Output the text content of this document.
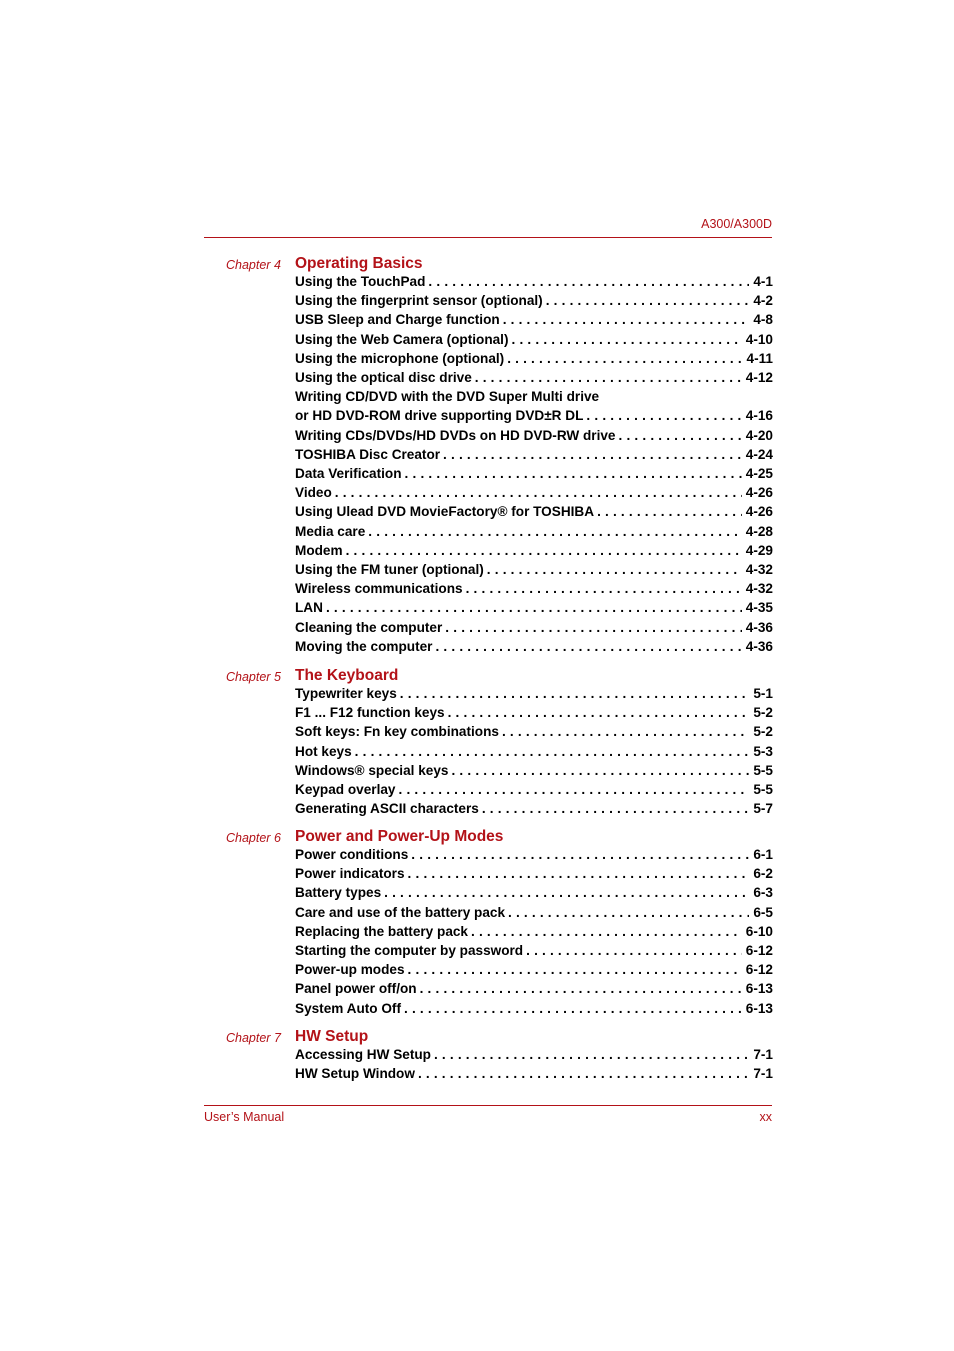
A300/A300D
Chapter 4 Operating Basics
Using the TouchPad . . .	4-1
Using the fingerprint sensor (optional) . . .	4-2
USB Sleep and Charge function . . .	4-8
Using the Web Camera (optional) . . .	4-10
Using the microphone (optional) . . .	4-11
Using the optical disc drive . . .	4-12
Writing CD/DVD with the DVD Super Multi drive
or HD DVD-ROM drive supporting DVD±R DL . . .	4-16
Writing CDs/DVDs/HD DVDs on HD DVD-RW drive . . .	4-20
TOSHIBA Disc Creator . . .	4-24
Data Verification . . .	4-25
Video . . .	4-26
Using Ulead DVD MovieFactory® for TOSHIBA . . .	4-26
Media care . . .	4-28
Modem . . .	4-29
Using the FM tuner (optional) . . .	4-32
Wireless communications . . .	4-32
LAN . . .	4-35
Cleaning the computer . . .	4-36
Moving the computer . . .	4-36
Chapter 5 The Keyboard
Typewriter keys . . .	5-1
F1 ... F12 function keys . . .	5-2
Soft keys: Fn key combinations . . .	5-2
Hot keys . . .	5-3
Windows® special keys . . .	5-5
Keypad overlay . . .	5-5
Generating ASCII characters . . .	5-7
Chapter 6 Power and Power-Up Modes
Power conditions . . .	6-1
Power indicators . . .	6-2
Battery types . . .	6-3
Care and use of the battery pack . . .	6-5
Replacing the battery pack . . .	6-10
Starting the computer by password . . .	6-12
Power-up modes . . .	6-12
Panel power off/on . . .	6-13
System Auto Off . . .	6-13
Chapter 7 HW Setup
Accessing HW Setup . . .	7-1
HW Setup Window . . .	7-1
User’s Manual	xx
